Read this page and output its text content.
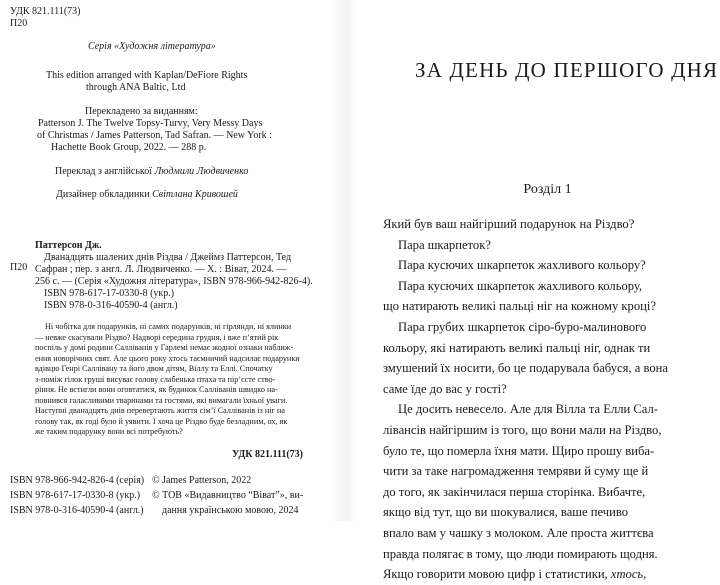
УДК 821.111(73)
П20
Серія «Художня література»
This edition arranged with Kaplan/DeFiore Rights
through ANA Baltic, Ltd
Перекладено за виданням:
Patterson J. The Twelve Topsy-Turvy, Very Messy Days
of Christmas / James Patterson, Tad Safran. — New York :
Hachette Book Group, 2022. — 288 p.
Переклад з англійської Людмили Людвиченко
Дизайнер обкладинки Світлана Кривошей
П20
Паттерсон Дж.
Дванадцять шалених днів Різдва / Джеймз Паттерсон, Тед
Сафран ; пер. з англ. Л. Людвиченко. — Х. : Віват, 2024. —
256 с. — (Серія «Художня література», ISBN 978-966-942-826-4).
ISBN 978-617-17-0330-8 (укр.)
ISBN 978-0-316-40590-4 (англ.)
Ні чобітка для подарунків, ні самих подарунків, ні гірлянди, ні ялинки
— невже скасували Різдво? Надворі середина грудня, і вже п’ятий рік
поспіль у домі родини Салліванів у Гарлемі немає жодної ознаки наближ-
ення новорічних свят. Але цього року хтось таємничий надсилає подарунки
вдівцю Генрі Саллівану та його двом дітям, Віллу та Еллі. Спочатку
з-поміж гілок груші висуває голову слабенька птаха та пір’єсте ство-
ріння. Не встигли вони оговтатися, як будинок Салліванів швидко на-
повнився галасливими тваринами та гостями, які вимагали їхньої уваги.
Наступні дванадцять днів перевертають життя сім’ї Салліванів із ніг на
голову так, як годі було й уявити. І хоча це Різдво буде безладним, ох, як
же таким подарунку вони всі потребують?
УДК 821.111(73)
ISBN 978-966-942-826-4 (серія)
ISBN 978-617-17-0330-8 (укр.)
ISBN 978-0-316-40590-4 (англ.)
© James Patterson, 2022
© ТОВ «Видавництво “Віват”», ви-
дання українською мовою, 2024
ЗА ДЕНЬ ДО ПЕРШОГО ДНЯ
Розділ 1
Який був ваш найгірший подарунок на Різдво?
Пара шкарпеток?
Пара кусючих шкарпеток жахливого кольору?
Пара кусючих шкарпеток жахливого кольору,
що натирають великі пальці ніг на кожному кроці?
Пара грубих шкарпеток сіро-буро-малинового
кольору, які натирають великі пальці ніг, однак ти
змушений їх носити, бо це подарувала бабуся, а вона
саме їде до вас у гості?
Це досить невесело. Але для Вілла та Елли Сал-
лівансів найгіршим із того, що вони мали на Різдво,
було те, що померла їхня мати. Щиро прошу виба-
чити за таке нагромадження темряви й суму ще й
до того, як закінчилася перша сторінка. Вибачте,
якщо від тут, що ви шокувалися, ваше печиво
впало вам у чашку з молоком. Але проста життєва
правда полягає в тому, що люди помирають щодня.
Якщо говорити мовою цифр і статистики, хтось,
